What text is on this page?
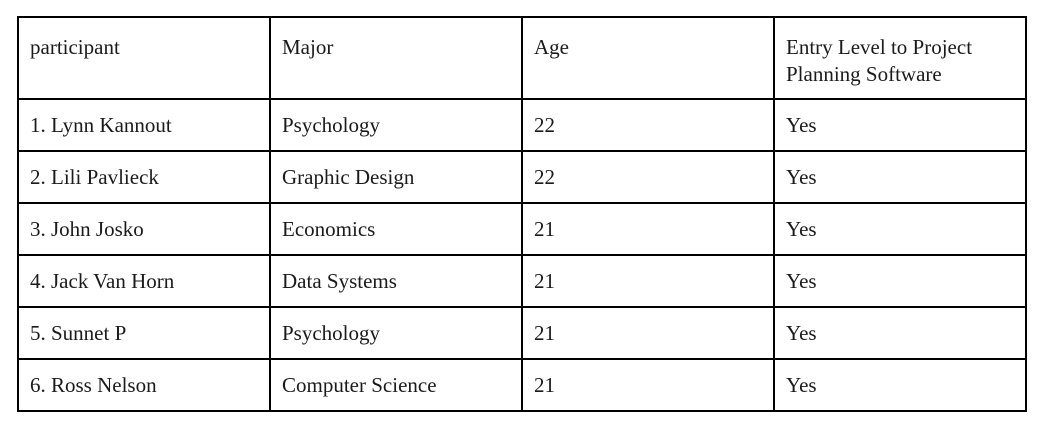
participant	Major	Age	Entry Level to Project Planning Software
1. Lynn Kannout	Psychology	22	Yes
2. Lili Pavlieck	Graphic Design	22	Yes
3. John Josko	Economics	21	Yes
4. Jack Van Horn	Data Systems	21	Yes
5. Sunnet P	Psychology	21	Yes
6. Ross Nelson	Computer Science	21	Yes
